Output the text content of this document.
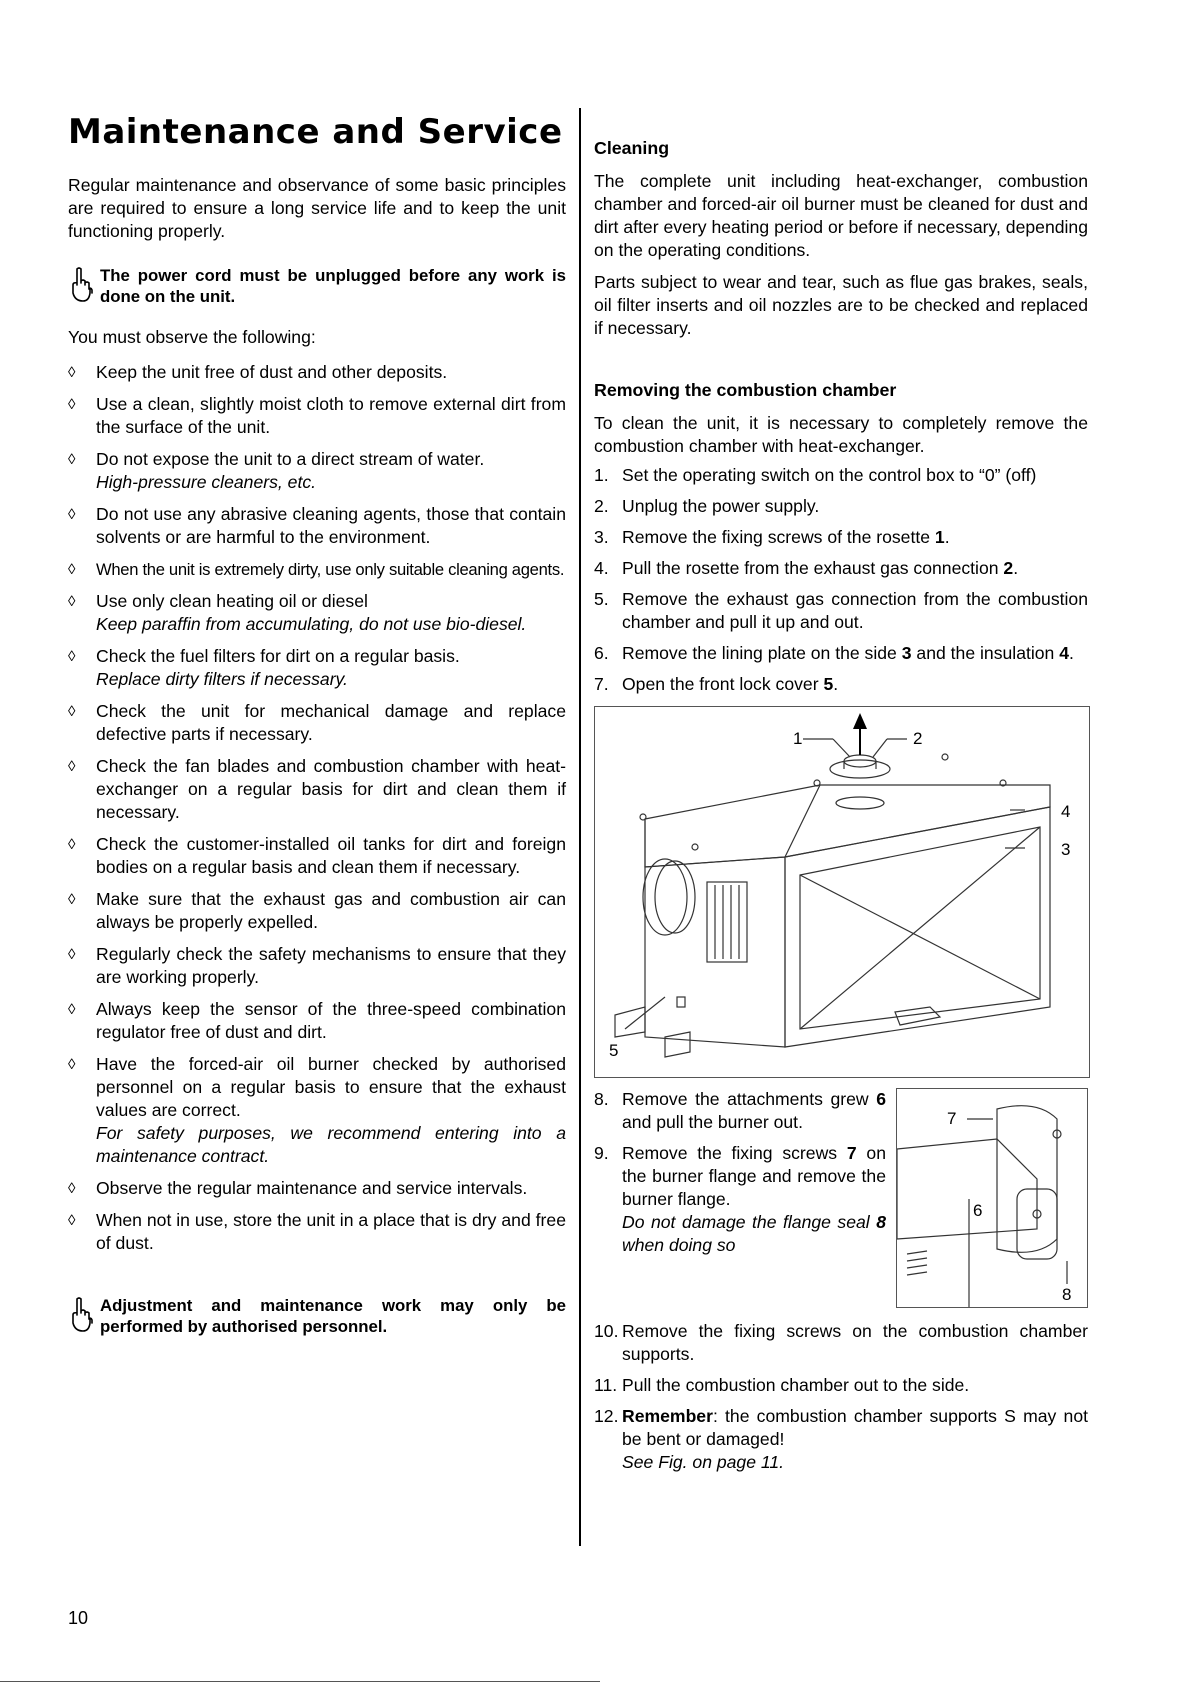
Maintenance and Service

Regular maintenance and observance of some basic principles are required to ensure a long service life and to keep the unit functioning properly.

The power cord must be unplugged before any work is done on the unit.

You must observe the following:

◊	Keep the unit free of dust and other deposits.
◊	Use a clean, slightly moist cloth to remove external dirt from the surface of the unit.
◊	Do not expose the unit to a direct stream of water.
High-pressure cleaners, etc.
◊	Do not use any abrasive cleaning agents, those that contain solvents or are harmful to the environment.
◊	When the unit is extremely dirty, use only suitable cleaning agents.
◊	Use only clean heating oil or diesel
Keep paraffin from accumulating, do not use bio-diesel.
◊	Check the fuel filters for dirt on a regular basis.
Replace dirty filters if necessary.
◊	Check the unit for mechanical damage and replace defective parts if necessary.
◊	Check the fan blades and combustion chamber with heat-exchanger on a regular basis for dirt and clean them if necessary.
◊	Check the customer-installed oil tanks for dirt and foreign bodies on a regular basis and clean them if necessary.
◊	Make sure that the exhaust gas and combustion air can always be properly expelled.
◊	Regularly check the safety mechanisms to ensure that they are working properly.
◊	Always keep the sensor of the three-speed combination regulator free of dust and dirt.
◊	Have the forced-air oil burner checked by authorised personnel on a regular basis to ensure that the exhaust values are correct.
For safety purposes, we recommend entering into a maintenance contract.
◊	Observe the regular maintenance and service intervals.
◊	When not in use, store the unit in a place that is dry and free of dust.
Adjustment and maintenance work may only be performed by authorised personnel.
Cleaning

The complete unit including heat-exchanger, combustion chamber and forced-air oil burner must be cleaned for dust and dirt after every heating period or before if necessary, depending on the operating conditions.

Parts subject to wear and tear, such as flue gas brakes, seals, oil filter inserts and oil nozzles are to be checked and replaced if necessary.

Removing the combustion chamber

To clean the unit, it is necessary to completely remove the combustion chamber with heat-exchanger.

1. Set the operating switch on the control box to “0” (off)
2. Unplug the power supply.
3. Remove the fixing screws of the rosette 1.
4. Pull the rosette from the exhaust gas connection 2.
5. Remove the exhaust gas connection from the combustion chamber and pull it up and out.
6. Remove the lining plate on the side 3 and the insulation 4.
7. Open the front lock cover 5.
1	2
4
3
5
8. Remove the attachments grew 6 and pull the burner out.
9. Remove the fixing screws 7 on the burner flange and remove the burner flange.
Do not damage the flange seal 8 when doing so
7
6
8
10. Remove the fixing screws on the combustion chamber supports.
11. Pull the combustion chamber out to the side.
12. Remember: the combustion chamber supports S may not be bent or damaged!
See Fig. on page 11.
10
